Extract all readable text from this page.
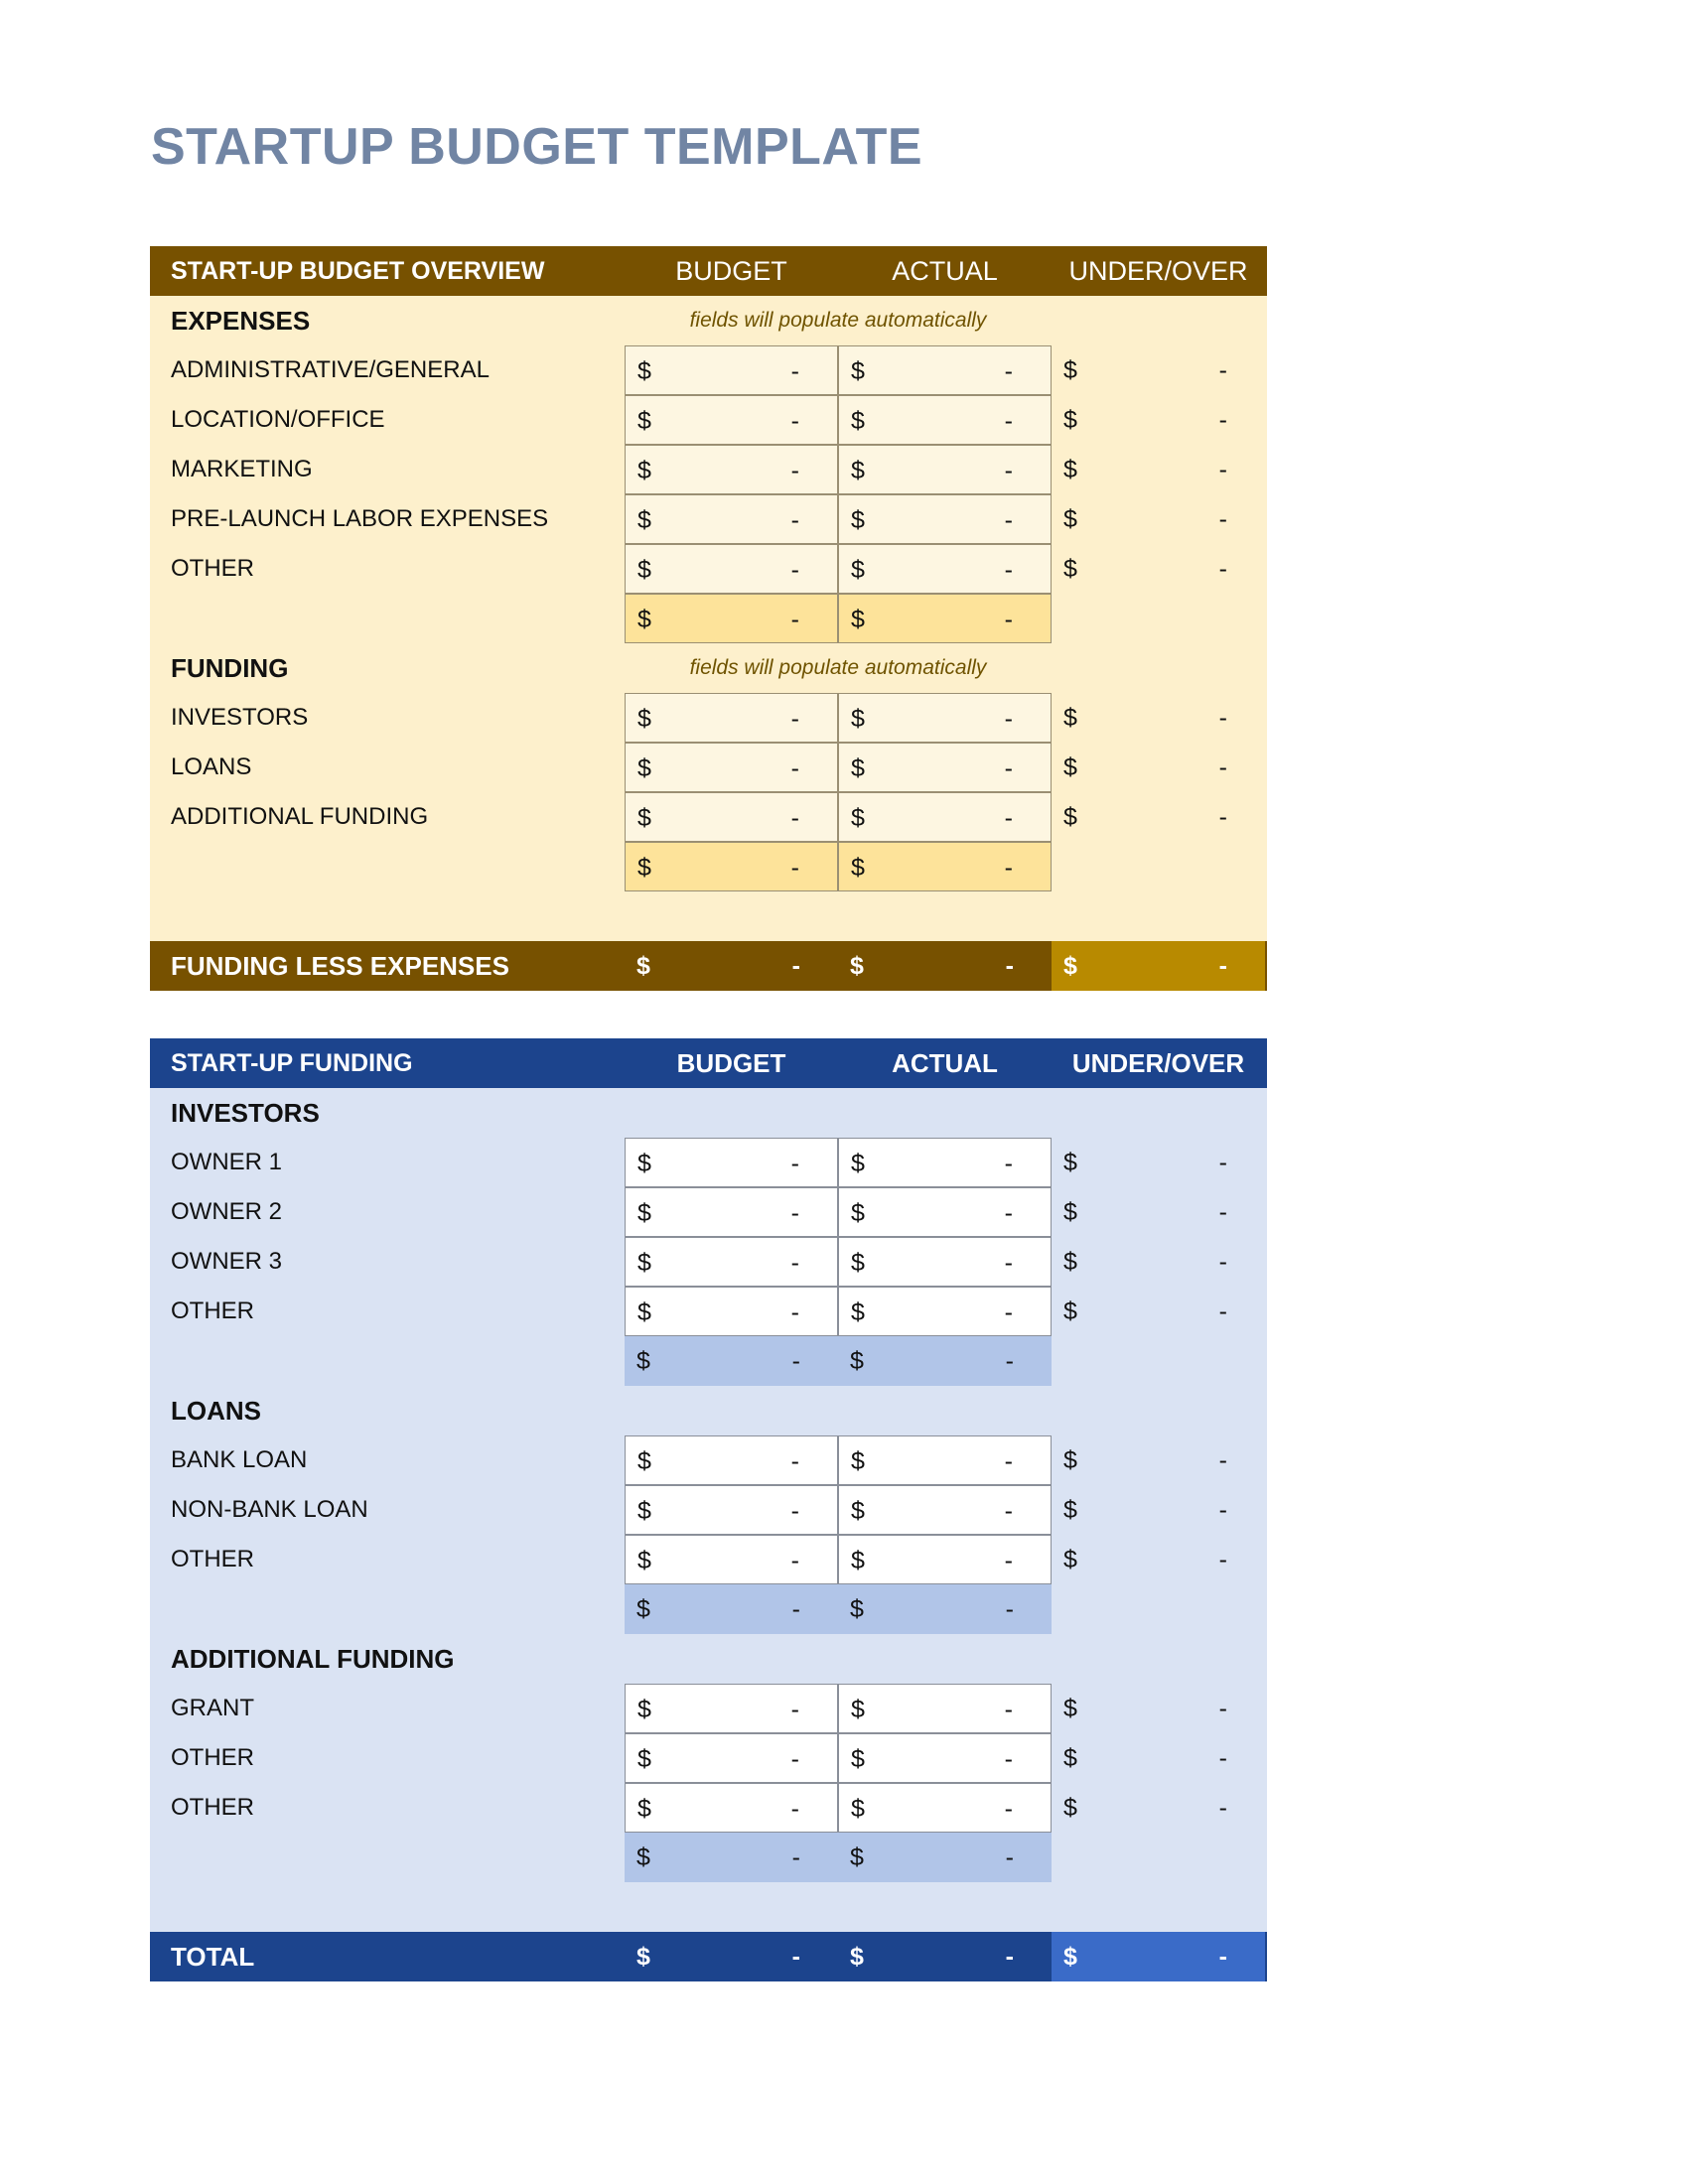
STARTUP BUDGET TEMPLATE
START-UP BUDGET OVERVIEW	BUDGET	ACTUAL	UNDER/OVER
EXPENSES	fields will populate automatically
ADMINISTRATIVE/GENERAL	$	- $	- $	-
LOCATION/OFFICE	$	- $	- $	-
MARKETING	$	- $	- $	-
PRE-LAUNCH LABOR EXPENSES	$	- $	- $	-
OTHER	$	- $	- $	-
$	- $	-
FUNDING	fields will populate automatically
INVESTORS	$	- $	- $	-
LOANS	$	- $	- $	-
ADDITIONAL FUNDING	$	- $	- $	-
$	- $	-
FUNDING LESS EXPENSES	$	- $	- $	-
START-UP FUNDING	BUDGET	ACTUAL	UNDER/OVER
INVESTORS
OWNER 1	$	- $	- $	-
OWNER 2	$	- $	- $	-
OWNER 3	$	- $	- $	-
OTHER	$	- $	- $	-
$	- $	-
LOANS
BANK LOAN	$	- $	- $	-
NON-BANK LOAN	$	- $	- $	-
OTHER	$	- $	- $	-
$	- $	-
ADDITIONAL FUNDING
GRANT	$	- $	- $	-
OTHER	$	- $	- $	-
OTHER	$	- $	- $	-
$	- $	-
TOTAL	$	- $	- $	-
